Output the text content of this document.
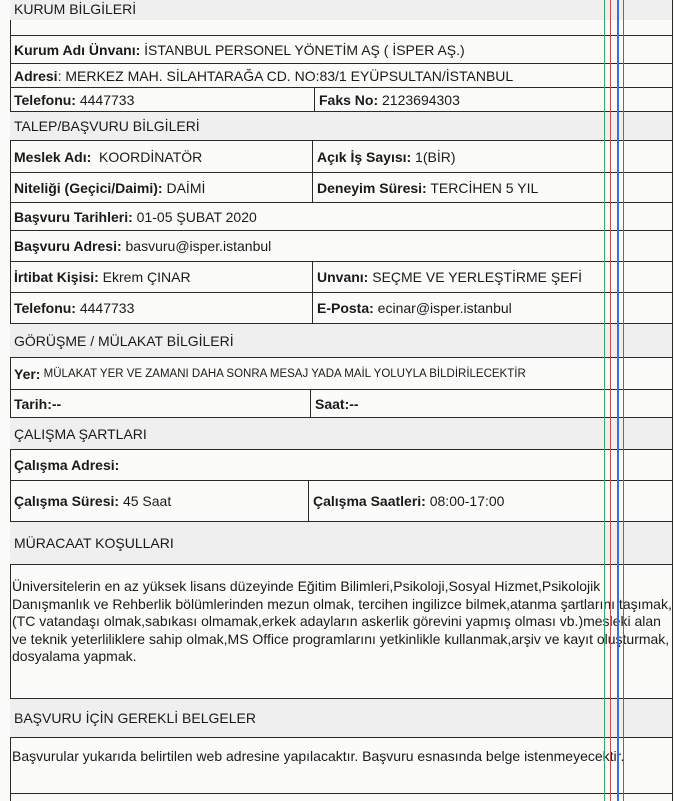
KURUM BİLGİLERİ
Kurum Adı Ünvanı: İSTANBUL PERSONEL YÖNETİM AŞ ( İSPER AŞ.)
Adresi : MERKEZ MAH. SİLAHTARAĞA CD. NO:83/1 EYÜPSULTAN/İSTANBUL
Telefonu: 4447733	Faks No: 2123694303
TALEP/BAŞVURU BİLGİLERİ
Meslek Adı: KOORDİNATÖR	Açık İş Sayısı: 1(BİR)
Niteliği (Geçici/Daimi): DAİMİ	Deneyim Süresi: TERCİHEN 5 YIL
Başvuru Tarihleri: 01-05 ŞUBAT 2020
Başvuru Adresi: basvuru@isper.istanbul
İrtibat Kişisi: Ekrem ÇINAR	Unvanı: SEÇME VE YERLEŞTİRME ŞEFİ
Telefonu: 4447733	E-Posta: ecinar@isper.istanbul
GÖRÜŞME / MÜLAKAT BİLGİLERİ
Yer: MÜLAKAT YER VE ZAMANI DAHA SONRA MESAJ YADA MAİL YOLUYLA BİLDİRİLECEKTİR
Tarih:--	Saat:--
ÇALIŞMA ŞARTLARI
Çalışma Adresi:
Çalışma Süresi: 45 Saat	Çalışma Saatleri: 08:00-17:00
MÜRACAAT KOŞULLARI
Üniversitelerin en az yüksek lisans düzeyinde Eğitim Bilimleri,Psikoloji,Sosyal Hizmet,Psikolojik Danışmanlık ve Rehberlik bölümlerinden mezun olmak, tercihen ingilizce bilmek,atanma şartlarını taşımak,(TC vatandaşı olmak,sabıkası olmamak,erkek adayların askerlik görevini yapmış olması vb.)mesleki alan ve teknik yeterliliklere sahip olmak,MS Office programlarını yetkinlikle kullanmak,arşiv ve kayıt oluşturmak, dosyalama yapmak.
BAŞVURU İÇİN GEREKLİ BELGELER
Başvurular yukarıda belirtilen web adresine yapılacaktır. Başvuru esnasında belge istenmeyecektir.
